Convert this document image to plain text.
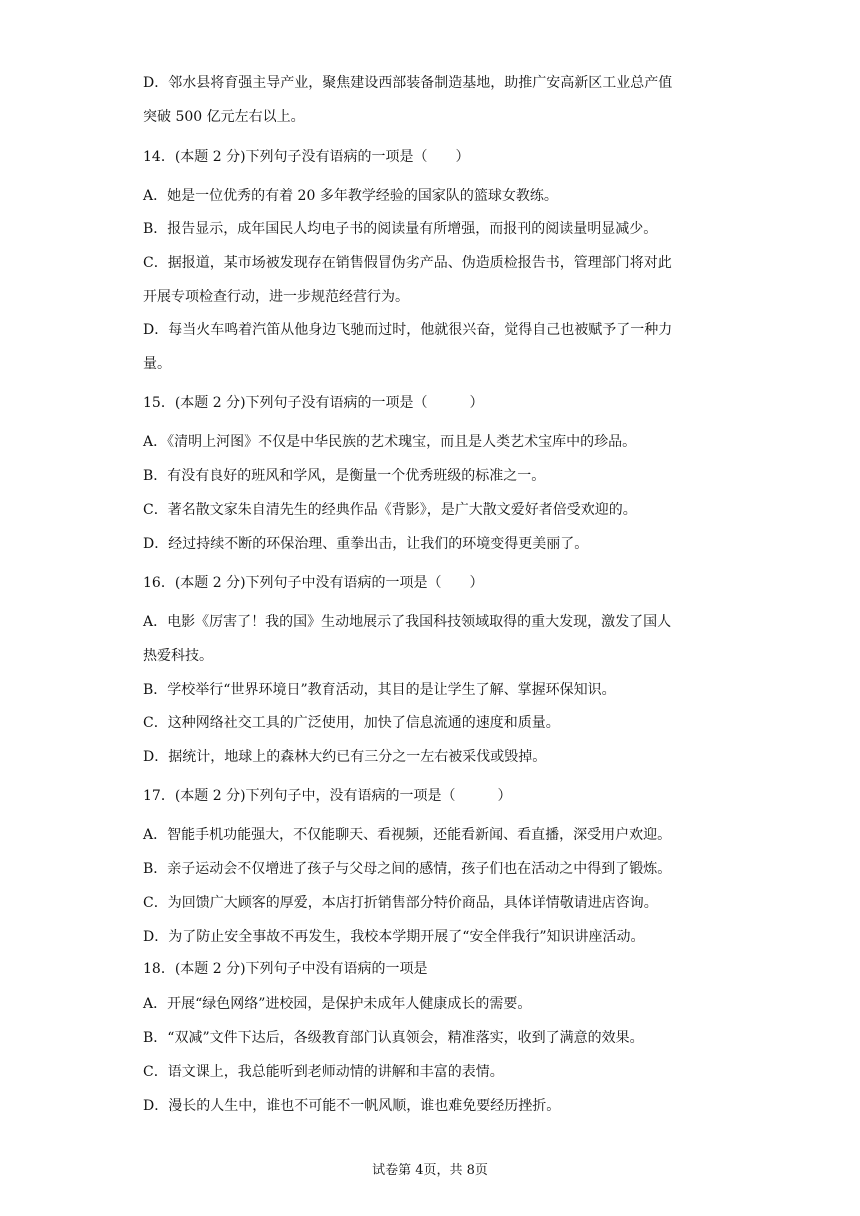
D．邻水县将育强主导产业，聚焦建设西部装备制造基地，助推广安高新区工业总产值
突破 500 亿元左右以上。
14．(本题 2 分)下列句子没有语病的一项是（　　）
A．她是一位优秀的有着 20 多年教学经验的国家队的篮球女教练。
B．报告显示，成年国民人均电子书的阅读量有所增强，而报刊的阅读量明显减少。
C．据报道，某市场被发现存在销售假冒伪劣产品、伪造质检报告书，管理部门将对此
开展专项检查行动，进一步规范经营行为。
D．每当火车鸣着汽笛从他身边飞驰而过时，他就很兴奋，觉得自己也被赋予了一种力
量。
15．(本题 2 分)下列句子没有语病的一项是（　　　）
A．《清明上河图》不仅是中华民族的艺术瑰宝，而且是人类艺术宝库中的珍品。
B．有没有良好的班风和学风，是衡量一个优秀班级的标准之一。
C．著名散文家朱自清先生的经典作品《背影》，是广大散文爱好者倍受欢迎的。
D．经过持续不断的环保治理、重拳出击，让我们的环境变得更美丽了。
16．(本题 2 分)下列句子中没有语病的一项是（　　）
A．电影《厉害了！我的国》生动地展示了我国科技领域取得的重大发现，激发了国人
热爱科技。
B．学校举行“世界环境日”教育活动，其目的是让学生了解、掌握环保知识。
C．这种网络社交工具的广泛使用，加快了信息流通的速度和质量。
D．据统计，地球上的森林大约已有三分之一左右被采伐或毁掉。
17．(本题 2 分)下列句子中，没有语病的一项是（　　　）
A．智能手机功能强大，不仅能聊天、看视频，还能看新闻、看直播，深受用户欢迎。
B．亲子运动会不仅增进了孩子与父母之间的感情，孩子们也在活动之中得到了锻炼。
C．为回馈广大顾客的厚爱，本店打折销售部分特价商品，具体详情敬请进店咨询。
D．为了防止安全事故不再发生，我校本学期开展了“安全伴我行”知识讲座活动。
18．(本题 2 分)下列句子中没有语病的一项是
A．开展“绿色网络”进校园，是保护未成年人健康成长的需要。
B．“双减”文件下达后，各级教育部门认真领会，精准落实，收到了满意的效果。
C．语文课上，我总能听到老师动情的讲解和丰富的表情。
D．漫长的人生中，谁也不可能不一帆风顺，谁也难免要经历挫折。
试卷第 4页，共 8页
